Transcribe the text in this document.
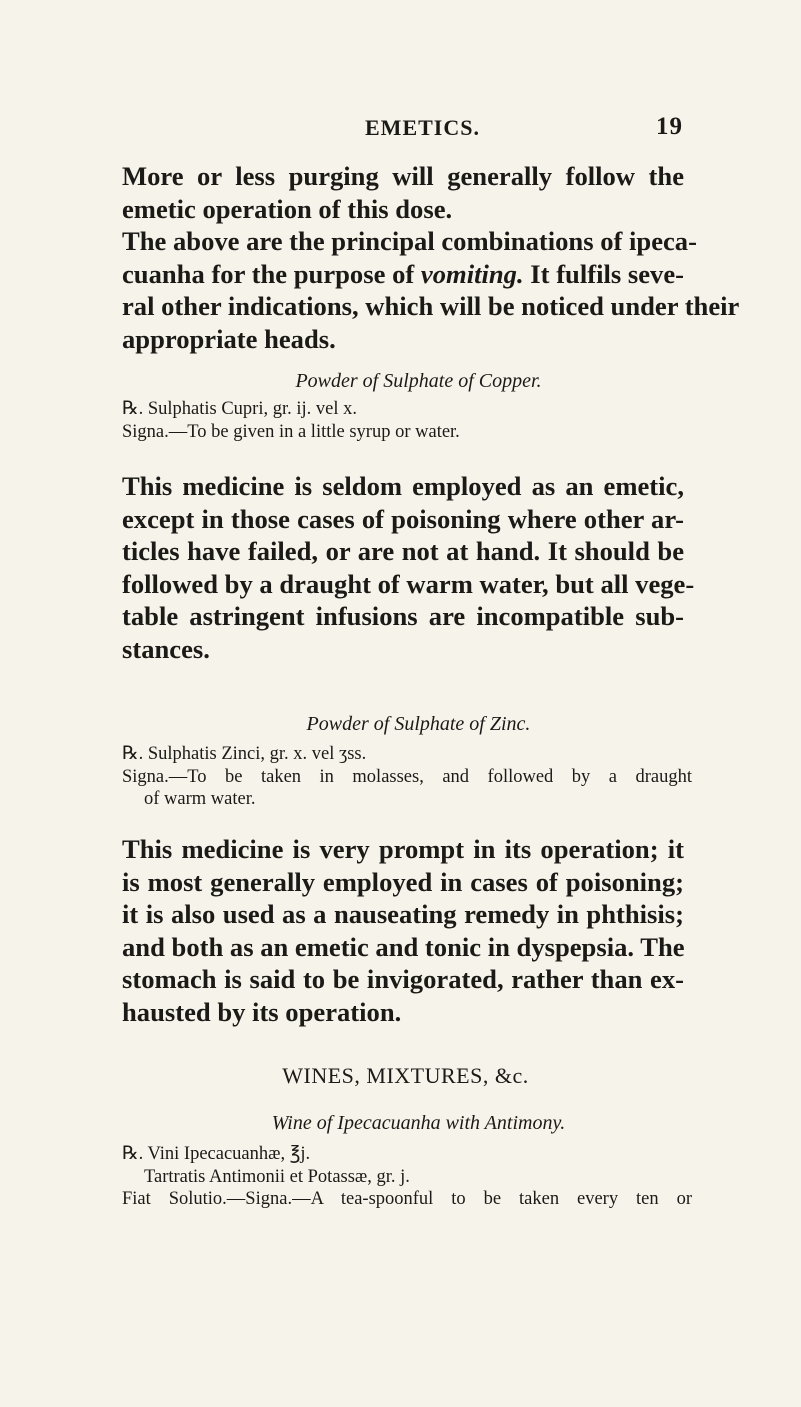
EMETICS.	19
More or less purging will generally follow the
emetic operation of this dose.
The above are the principal combinations of ipeca-
cuanha for the purpose of vomiting. It fulfils seve-
ral other indications, which will be noticed under their
appropriate heads.
Powder of Sulphate of Copper.
℞. Sulphatis Cupri, gr. ij. vel x.
Signa.—To be given in a little syrup or water.
This medicine is seldom employed as an emetic,
except in those cases of poisoning where other ar-
ticles have failed, or are not at hand. It should be
followed by a draught of warm water, but all vege-
table astringent infusions are incompatible sub-
stances.
Powder of Sulphate of Zinc.
℞. Sulphatis Zinci, gr. x. vel ʒss.
Signa.—To be taken in molasses, and followed by a draught
of warm water.
This medicine is very prompt in its operation; it
is most generally employed in cases of poisoning;
it is also used as a nauseating remedy in phthisis;
and both as an emetic and tonic in dyspepsia. The
stomach is said to be invigorated, rather than ex-
hausted by its operation.
WINES, MIXTURES, &c.
Wine of Ipecacuanha with Antimony.
℞. Vini Ipecacuanhæ, ℥j.
Tartratis Antimonii et Potassæ, gr. j.
Fiat Solutio.—Signa.—A tea-spoonful to be taken every ten or
